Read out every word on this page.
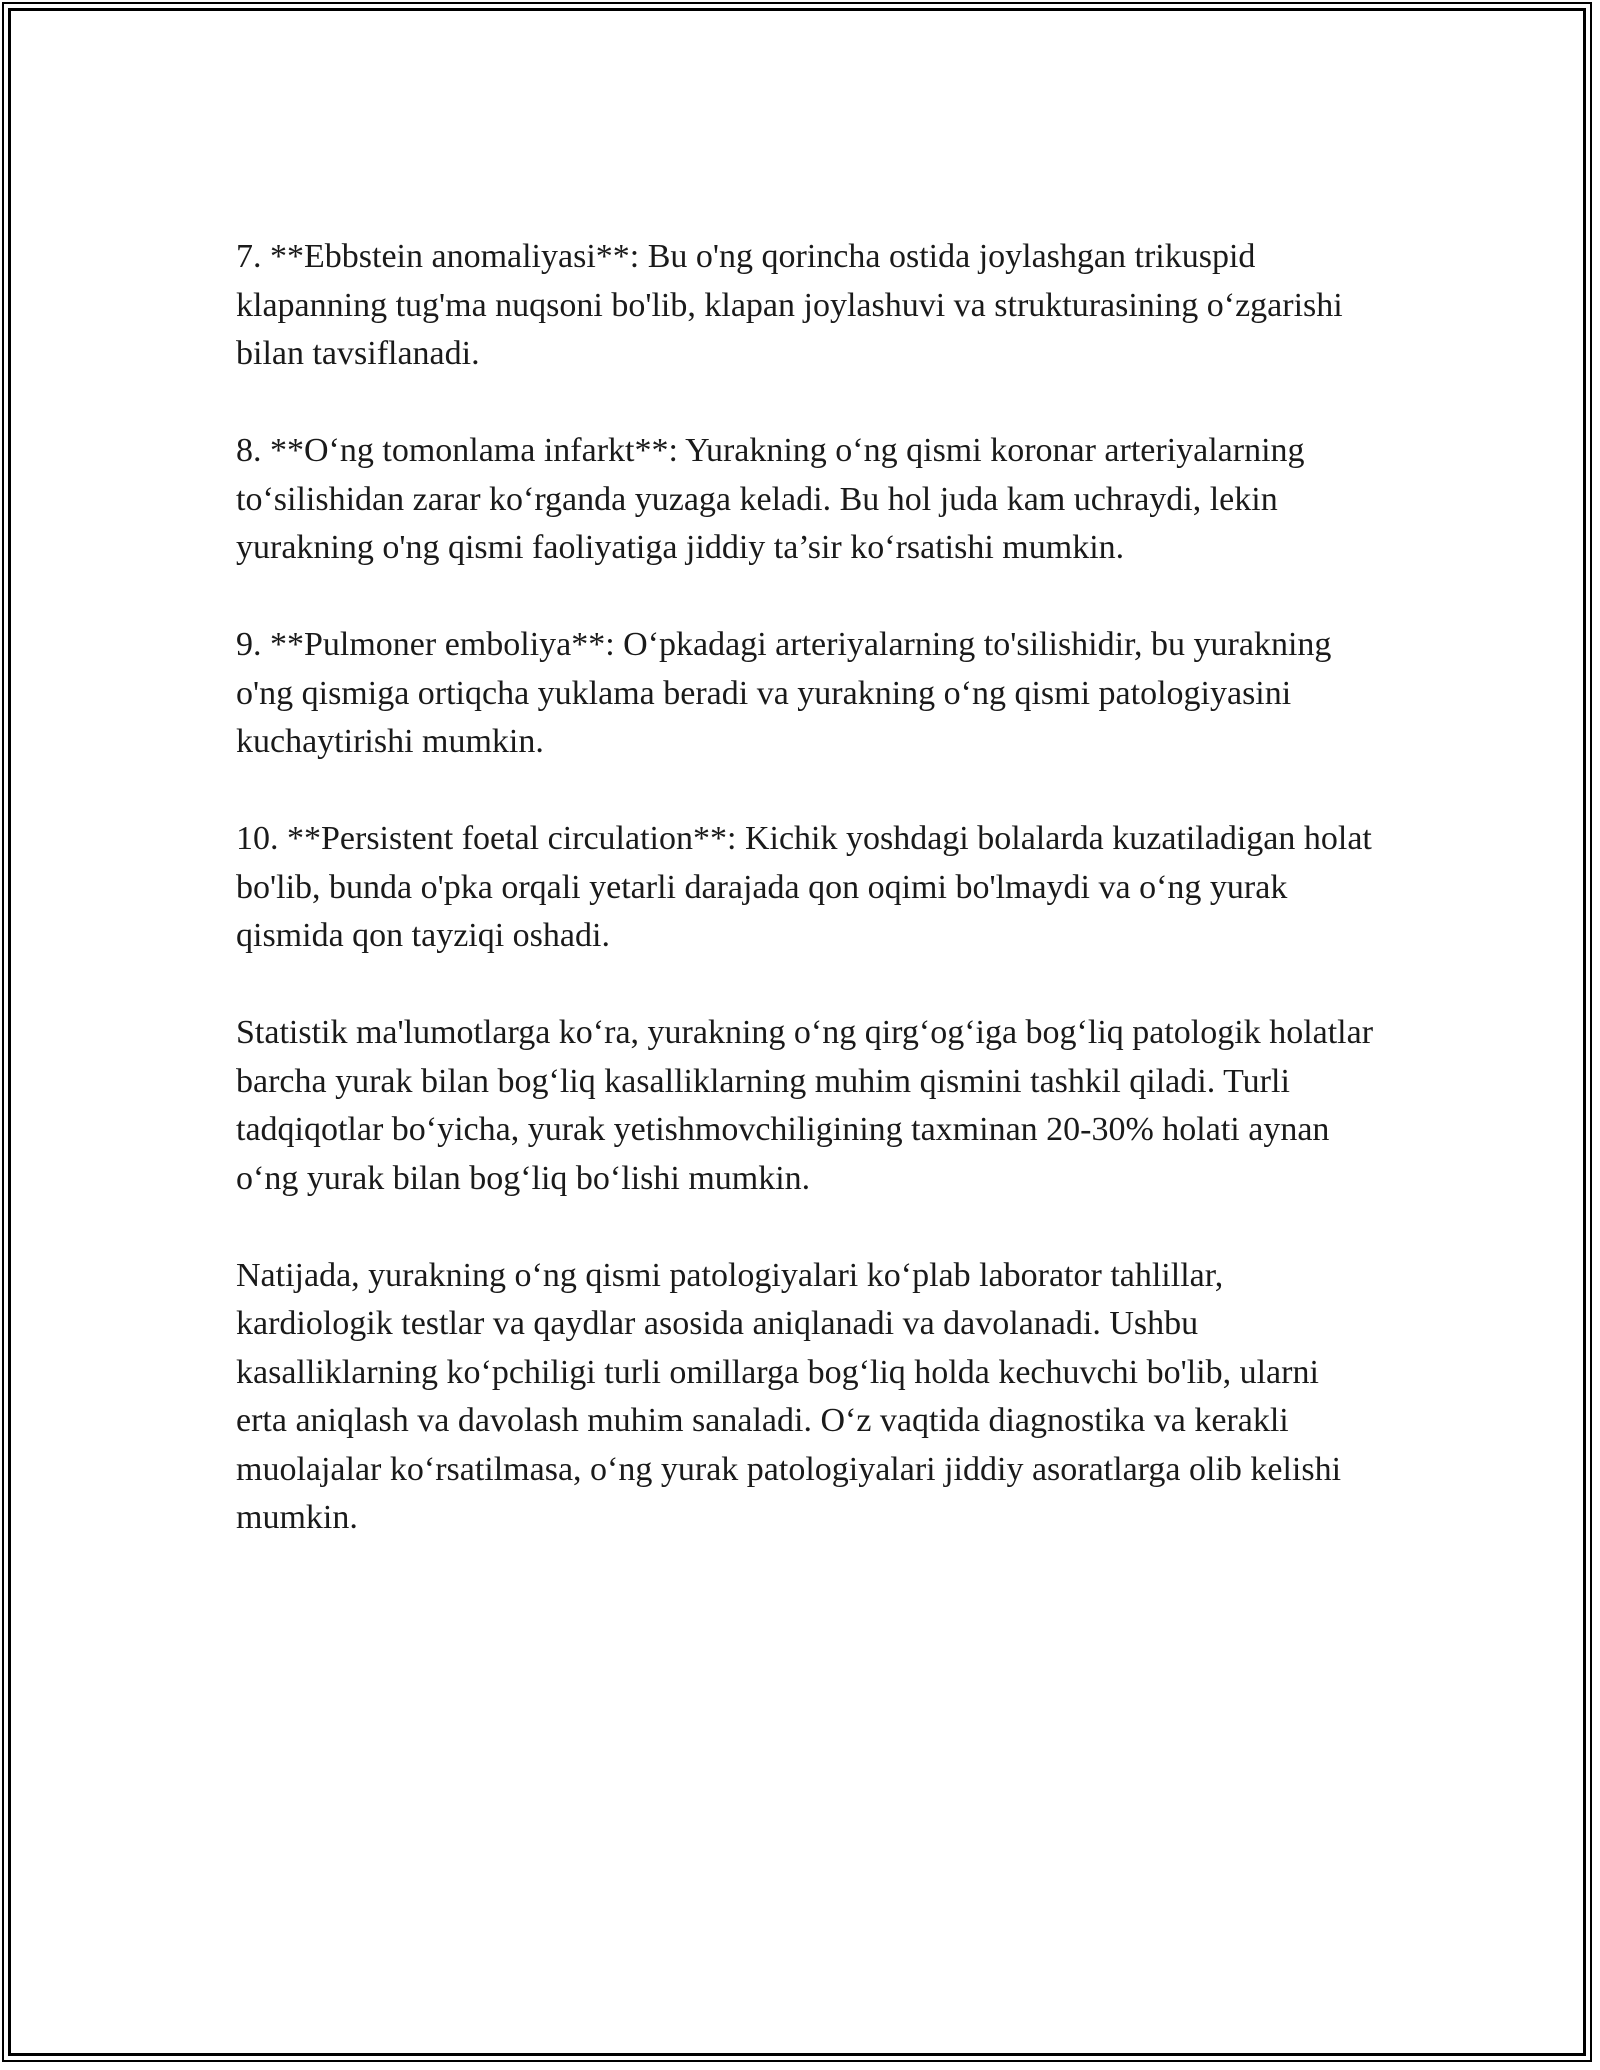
7. **Ebbstein anomaliyasi**: Bu o'ng qorincha ostida joylashgan trikuspid klapanning tug'ma nuqsoni bo'lib, klapan joylashuvi va strukturasining o‘zgarishi bilan tavsiflanadi.

8. **O‘ng tomonlama infarkt**: Yurakning o‘ng qismi koronar arteriyalarning to‘silishidan zarar ko‘rganda yuzaga keladi. Bu hol juda kam uchraydi, lekin yurakning o'ng qismi faoliyatiga jiddiy ta’sir ko‘rsatishi mumkin.

9. **Pulmoner emboliya**: O‘pkadagi arteriyalarning to'silishidir, bu yurakning o'ng qismiga ortiqcha yuklama beradi va yurakning o‘ng qismi patologiyasini kuchaytirishi mumkin.

10. **Persistent foetal circulation**: Kichik yoshdagi bolalarda kuzatiladigan holat bo'lib, bunda o'pka orqali yetarli darajada qon oqimi bo'lmaydi va o‘ng yurak qismida qon tayziqi oshadi.

Statistik ma'lumotlarga ko‘ra, yurakning o‘ng qirg‘og‘iga bog‘liq patologik holatlar barcha yurak bilan bog‘liq kasalliklarning muhim qismini tashkil qiladi. Turli tadqiqotlar bo‘yicha, yurak yetishmovchiligining taxminan 20-30% holati aynan o‘ng yurak bilan bog‘liq bo‘lishi mumkin.

Natijada, yurakning o‘ng qismi patologiyalari ko‘plab laborator tahlillar, kardiologik testlar va qaydlar asosida aniqlanadi va davolanadi. Ushbu kasalliklarning ko‘pchiligi turli omillarga bog‘liq holda kechuvchi bo'lib, ularni erta aniqlash va davolash muhim sanaladi. O‘z vaqtida diagnostika va kerakli muolajalar ko‘rsatilmasa, o‘ng yurak patologiyalari jiddiy asoratlarga olib kelishi mumkin.
